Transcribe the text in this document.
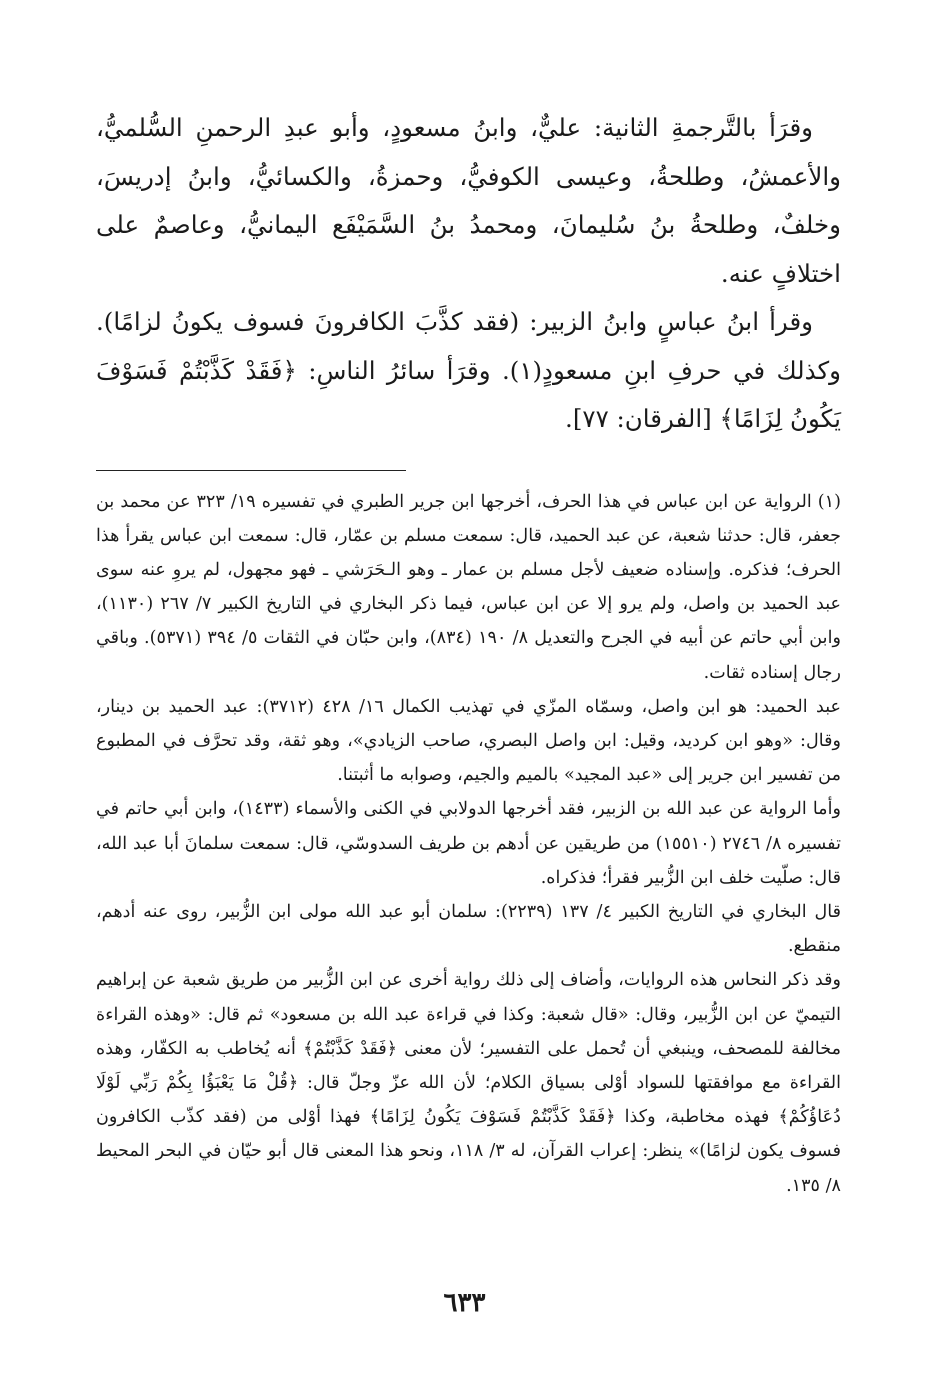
وقرَأ بالتَّرجمةِ الثانية: عليٌّ، وابنُ مسعودٍ، وأبو عبدِ الرحمنِ السُّلميُّ، والأعمشُ، وطلحةُ، وعيسى الكوفيُّ، وحمزةُ، والكسائيُّ، وابنُ إدريسَ، وخلفٌ، وطلحةُ بنُ سُليمانَ، ومحمدُ بنُ السَّمَيْفَع اليمانيُّ، وعاصمٌ على اختلافٍ عنه.

وقرأ ابنُ عباسٍ وابنُ الزبير: (فقد كذَّبَ الكافرونَ فسوف يكونُ لزامًا). وكذلك في حرفِ ابنِ مسعودٍ(١). وقرَأ سائرُ الناسِ: ﴿فَقَدْ كَذَّبْتُمْ فَسَوْفَ يَكُونُ لِزَامًا﴾ [الفرقان: ٧٧].

(١) الرواية عن ابن عباس في هذا الحرف، أخرجها ابن جرير الطبري في تفسيره ١٩/ ٣٢٣ عن محمد بن جعفر، قال: حدثنا شعبة، عن عبد الحميد، قال: سمعت مسلم بن عمّار، قال: سمعت ابن عباس يقرأ هذا الحرف؛ فذكره. وإسناده ضعيف لأجل مسلم بن عمار ـ وهو الـحَرَشي ـ فهو مجهول، لم يروِ عنه سوى عبد الحميد بن واصل، ولم يرو إلا عن ابن عباس، فيما ذكر البخاري في التاريخ الكبير ٧/ ٢٦٧ (١١٣٠)، وابن أبي حاتم عن أبيه في الجرح والتعديل ٨/ ١٩٠ (٨٣٤)، وابن حبّان في الثقات ٥/ ٣٩٤ (٥٣٧١). وباقي رجال إسناده ثقات.

عبد الحميد: هو ابن واصل، وسمّاه المزّي في تهذيب الكمال ١٦/ ٤٢٨ (٣٧١٢): عبد الحميد بن دينار، وقال: «وهو ابن كرديد، وقيل: ابن واصل البصري، صاحب الزيادي»، وهو ثقة، وقد تحرَّف في المطبوع من تفسير ابن جرير إلى «عبد المجيد» بالميم والجيم، وصوابه ما أثبتنا.

وأما الرواية عن عبد الله بن الزبير، فقد أخرجها الدولابي في الكنى والأسماء (١٤٣٣)، وابن أبي حاتم في تفسيره ٨/ ٢٧٤٦ (١٥٥١٠) من طريقين عن أدهم بن طريف السدوسّي، قال: سمعت سلمانَ أبا عبد الله، قال: صلّيت خلف ابن الزُّبير فقرأ؛ فذكراه.

قال البخاري في التاريخ الكبير ٤/ ١٣٧ (٢٢٣٩): سلمان أبو عبد الله مولى ابن الزُّبير، روى عنه أدهم، منقطع.

وقد ذكر النحاس هذه الروايات، وأضاف إلى ذلك رواية أخرى عن ابن الزُّبير من طريق شعبة عن إبراهيم التيميّ عن ابن الزُّبير، وقال: «قال شعبة: وكذا في قراءة عبد الله بن مسعود» ثم قال: «وهذه القراءة مخالفة للمصحف، وينبغي أن تُحمل على التفسير؛ لأن معنى ﴿فَقَدْ كَذَّبْتُمْ﴾ أنه يُخاطب به الكفّار، وهذه القراءة مع موافقتها للسواد أوْلى بسياق الكلام؛ لأن الله عزّ وجلّ قال: ﴿قُلْ مَا يَعْبَؤُا بِكُمْ رَبِّي لَوْلَا دُعَاؤُكُمْ﴾ فهذه مخاطبة، وكذا ﴿فَقَدْ كَذَّبْتُمْ فَسَوْفَ يَكُونُ لِزَامًا﴾ فهذا أوْلى من (فقد كذّب الكافرون فسوف يكون لزامًا)» ينظر: إعراب القرآن، له ٣/ ١١٨، ونحو هذا المعنى قال أبو حيّان في البحر المحيط ٨/ ١٣٥.

٦٣٣
